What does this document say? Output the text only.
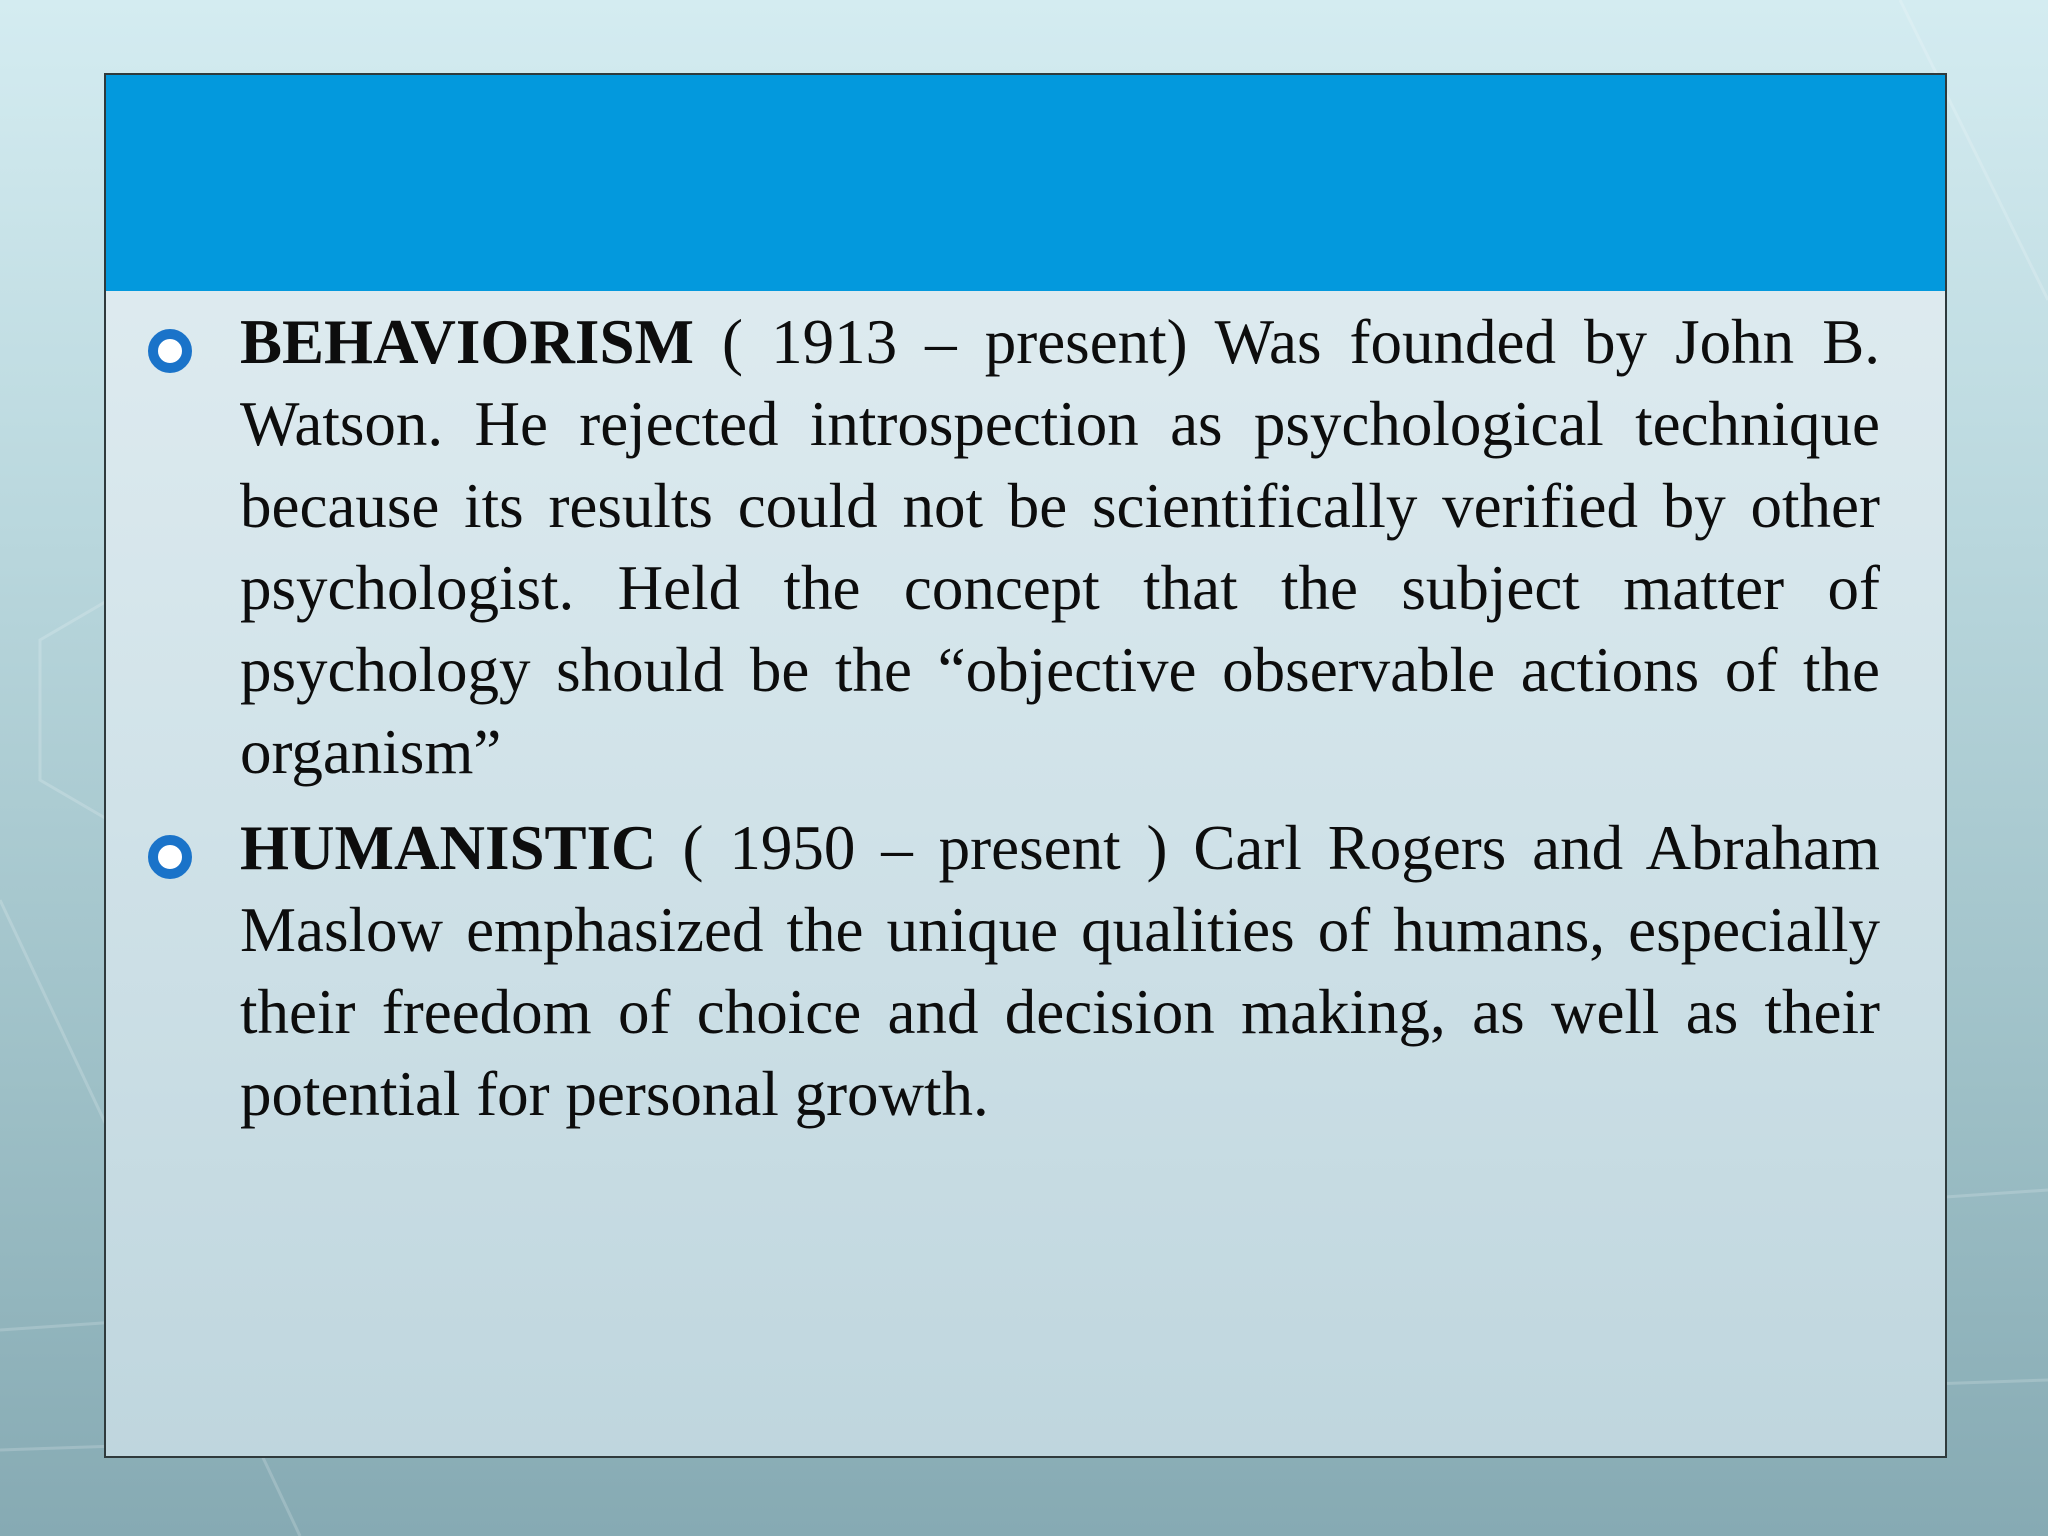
BEHAVIORISM ( 1913 – present) Was founded by John B. Watson. He rejected introspection as psychological technique because its results could not be scientifically verified by other psychologist. Held the concept that the subject matter of psychology should be the “objective observable actions of the organism”
HUMANISTIC ( 1950 – present ) Carl Rogers and Abraham Maslow emphasized the unique qualities of humans, especially their freedom of choice and decision making, as well as their potential for personal growth.
